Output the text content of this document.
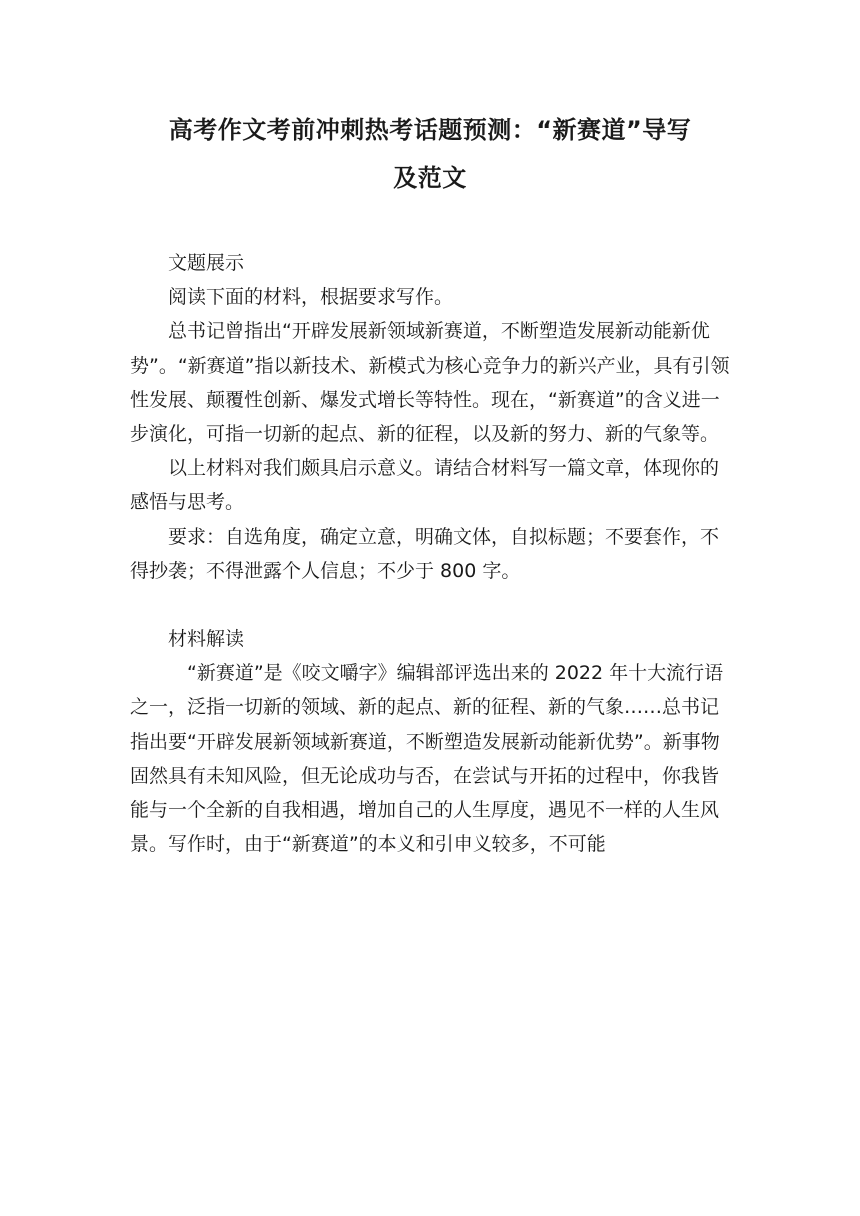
高考作文考前冲刺热考话题预测：“新赛道”导写
及范文

文题展示

阅读下面的材料，根据要求写作。

总书记曾指出“开辟发展新领域新赛道，不断塑造发展新动能新优势”。“新赛道”指以新技术、新模式为核心竞争力的新兴产业，具有引领性发展、颠覆性创新、爆发式增长等特性。现在，“新赛道”的含义进一步演化，可指一切新的起点、新的征程，以及新的努力、新的气象等。

以上材料对我们颇具启示意义。请结合材料写一篇文章，体现你的感悟与思考。

要求：自选角度，确定立意，明确文体，自拟标题；不要套作，不得抄袭；不得泄露个人信息；不少于 800 字。

材料解读

“新赛道”是《咬文嚼字》编辑部评选出来的 2022 年十大流行语之一，泛指一切新的领域、新的起点、新的征程、新的气象……总书记指出要“开辟发展新领域新赛道，不断塑造发展新动能新优势”。新事物固然具有未知风险，但无论成功与否，在尝试与开拓的过程中，你我皆能与一个全新的自我相遇，增加自己的人生厚度，遇见不一样的人生风景。写作时，由于“新赛道”的本义和引申义较多，不可能
